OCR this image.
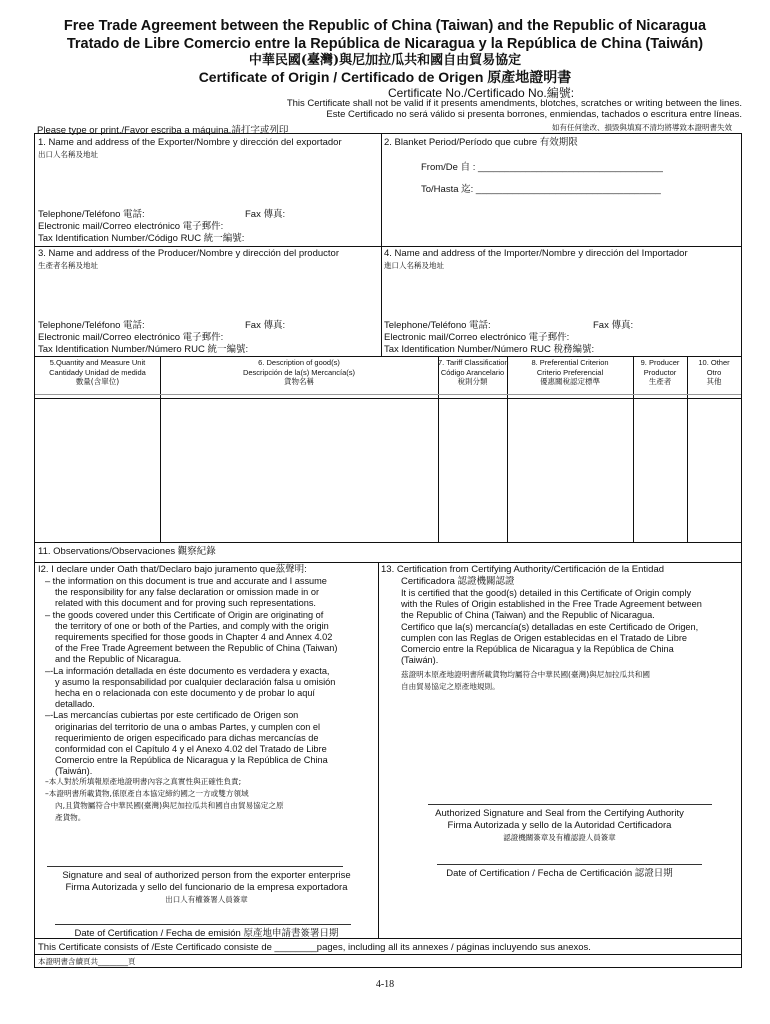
Free Trade Agreement between the Republic of China (Taiwan) and the Republic of Nicaragua
Tratado de Libre Comercio entre la República de Nicaragua y la República de China (Taiwán)
中華民國(臺灣)與尼加拉瓜共和國自由貿易協定
Certificate of Origin / Certificado de Origen 原產地證明書
Certificate No./Certificado No.編號:
This Certificate shall not be valid if it presents amendments, blotches, scratches or writing between the lines.
Este Certificado no será válido si presenta borrones, enmiendas, tachados o escritura entre líneas.
Please type or print./Favor escriba a máquina.請打字或列印	如有任何塗改、損毀與填寫不清均將導致本證明書失效
1. Name and address of the Exporter/Nombre y dirección del exportador
出口人名稱及地址
Telephone/Teléfono 電話:	Fax 傳真:
Electronic mail/Correo electrónico 電子郵件:
Tax Identification Number/Código RUC 統一編號:
2. Blanket Period/Período que cubre 有效期限
From/De 自 : ___________________________________
To/Hasta 迄: ___________________________________
3. Name and address of the Producer/Nombre y dirección del productor
生產者名稱及地址
Telephone/Teléfono 電話:	Fax 傳真:
Electronic mail/Correo electrónico 電子郵件:
Tax Identification Number/Número RUC 統一編號:
4. Name and address of the Importer/Nombre y dirección del Importador
進口人名稱及地址
Telephone/Teléfono 電話:	Fax 傳真:
Electronic mail/Correo electrónico 電子郵件:
Tax Identification Number/Número RUC 稅務編號:
5.Quantity and Measure Unit
Cantidady Unidad de medida
數量(含單位)
6. Description of good(s)
Descripción de la(s) Mercancía(s)
貨物名稱
7. Tariff Classification
Código Arancelario
稅則分類
8. Preferential Criterion
Criterio Preferencial
優惠關稅認定標準
9. Producer
Productor
生產者
10. Other
Otro
其他
11. Observations/Observaciones 觀察紀錄
I2. I declare under Oath that/Declaro bajo juramento que茲聲明:
– the information on this document is true and accurate and I assume
the responsibility for any false declaration or omission made in or
related with this document and for proving such representations.
– the goods covered under this Certificate of Origin are originating of
the territory of one or both of the Parties, and comply with the origin
requirements specified for those goods in Chapter 4 and Annex 4.02
of the Free Trade Agreement between the Republic of China (Taiwan)
and the Republic of Nicaragua.
–-La información detallada en éste documento es verdadera y exacta,
y asumo la responsabilidad por cualquier declaración falsa u omisión
hecha en o relacionada con este documento y de probar lo aquí
detallado.
–-Las mercancías cubiertas por este certificado de Origen son
originarias del territorio de una o ambas Partes, y cumplen con el
requerimiento de origen especificado para dichas mercancías de
conformidad con el Capítulo 4 y el Anexo 4.02 del Tratado de Libre
Comercio entre la República de Nicaragua y la República de China
(Taiwán).
–本人對於所填報原產地證明書內容之真實性與正確性負責;
–本證明書所載貨物,係原產自本協定締約國之一方或雙方領域
內,且貨物屬符合中華民國(臺灣)與尼加拉瓜共和國自由貿易協定之原
產貨物。
Signature and seal of authorized person from the exporter enterprise
Firma Autorizada y sello del funcionario de la empresa exportadora
出口人有權簽署人員簽章
Date of Certification / Fecha de emisión 原產地申請書簽署日期
13. Certification from Certifying Authority/Certificación de la Entidad
Certificadora 認證機關認證
It is certified that the good(s) detailed in this Certificate of Origin comply
with the Rules of Origin established in the Free Trade Agreement between
the Republic of China (Taiwan) and the Republic of Nicaragua.
Certifico que la(s) mercancía(s) detalladas en este Certificado de Origen,
cumplen con las Reglas de Origen establecidas en el Tratado de Libre
Comercio entre la República de Nicaragua y la República de China
(Taiwán).
茲證明本原產地證明書所載貨物均屬符合中華民國(臺灣)與尼加拉瓜共和國
自由貿易協定之原產地規則。
Authorized Signature and Seal from the Certifying Authority
Firma Autorizada y sello de la Autoridad Certificadora
認證機關簽章及有權認證人員簽章
Date of Certification / Fecha de Certificación 認證日期
This Certificate consists of /Este Certificado consiste de ________pages, including all its annexes / páginas incluyendo sus anexos.
本證明書含續頁共________頁
4-18
